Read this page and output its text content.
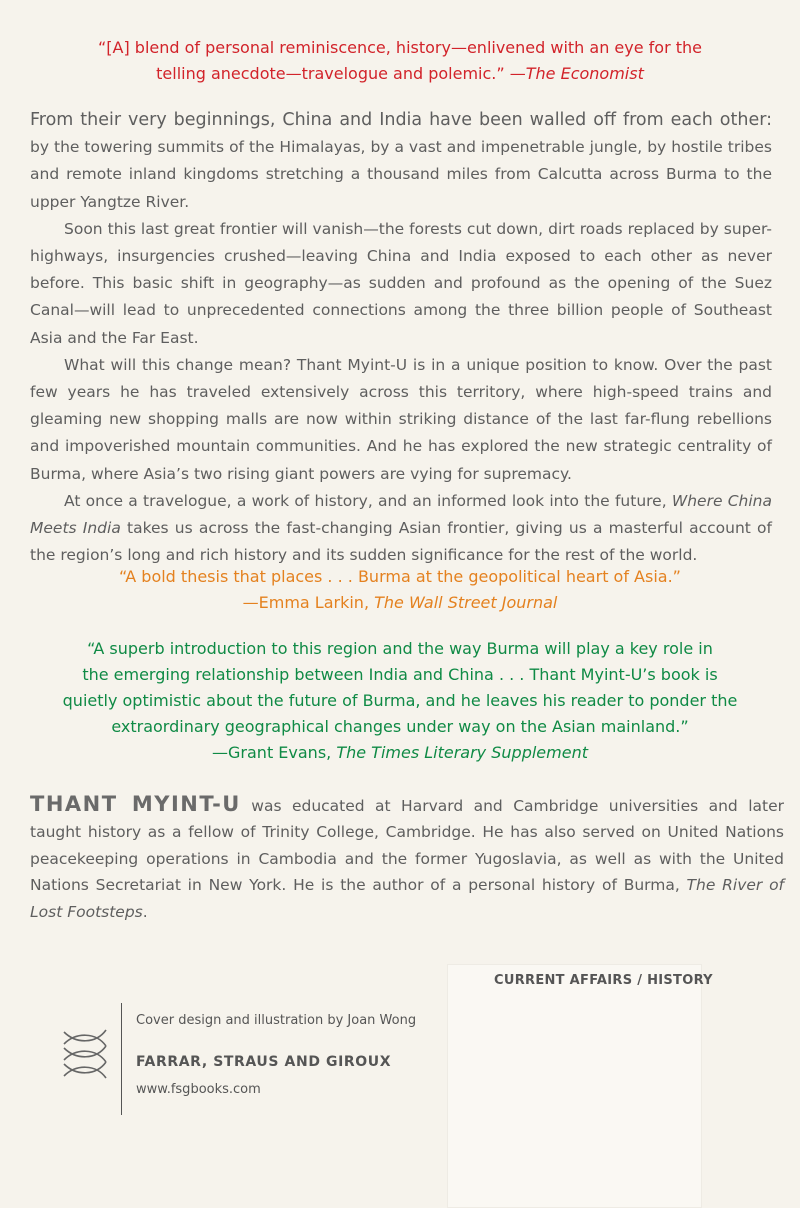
“[A] blend of personal reminiscence, history—enlivened with an eye for the
telling anecdote—travelogue and polemic.” —The Economist

From their very beginnings, China and India have been walled off from each other: by the towering summits of the Himalayas, by a vast and impenetrable jungle, by hostile tribes and remote inland kingdoms stretching a thousand miles from Calcutta across Burma to the upper Yangtze River.

Soon this last great frontier will vanish—the forests cut down, dirt roads replaced by super-highways, insurgencies crushed—leaving China and India exposed to each other as never before. This basic shift in geography—as sudden and profound as the opening of the Suez Canal—will lead to unprecedented connections among the three billion people of Southeast Asia and the Far East.

What will this change mean? Thant Myint-U is in a unique position to know. Over the past few years he has traveled extensively across this territory, where high-speed trains and gleaming new shopping malls are now within striking distance of the last far-flung rebellions and impoverished mountain communities. And he has explored the new strategic centrality of Burma, where Asia’s two rising giant powers are vying for supremacy.

At once a travelogue, a work of history, and an informed look into the future, Where China Meets India takes us across the fast-changing Asian frontier, giving us a masterful account of the region’s long and rich history and its sudden significance for the rest of the world.

“A bold thesis that places . . . Burma at the geopolitical heart of Asia.”
—Emma Larkin, The Wall Street Journal
“A superb introduction to this region and the way Burma will play a key role in
the emerging relationship between India and China . . . Thant Myint-U’s book is
quietly optimistic about the future of Burma, and he leaves his reader to ponder the
extraordinary geographical changes under way on the Asian mainland.”
—Grant Evans, The Times Literary Supplement
THANT MYINT-U was educated at Harvard and Cambridge universities and later taught history as a fellow of Trinity College, Cambridge. He has also served on United Nations peacekeeping operations in Cambodia and the former Yugoslavia, as well as with the United Nations Secretariat in New York. He is the author of a personal history of Burma, The River of Lost Footsteps.
CURRENT AFFAIRS / HISTORY
Cover design and illustration by Joan Wong
FARRAR, STRAUS AND GIROUX
www.fsgbooks.com
